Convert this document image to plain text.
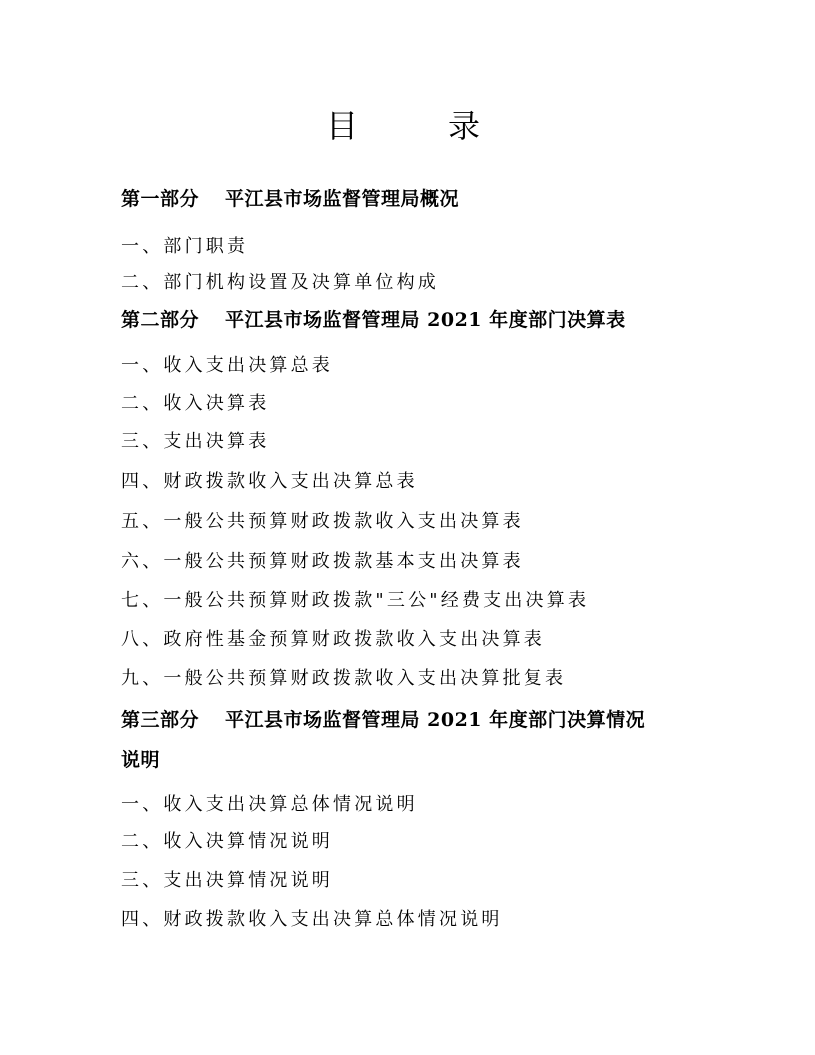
目	录
第一部分 平江县市场监督管理局概况
一、部门职责
二、部门机构设置及决算单位构成
第二部分 平江县市场监督管理局 2021 年度部门决算表
一、收入支出决算总表
二、收入决算表
三、支出决算表
四、财政拨款收入支出决算总表
五、一般公共预算财政拨款收入支出决算表
六、一般公共预算财政拨款基本支出决算表
七、一般公共预算财政拨款"三公"经费支出决算表
八、政府性基金预算财政拨款收入支出决算表
九、一般公共预算财政拨款收入支出决算批复表
第三部分 平江县市场监督管理局 2021 年度部门决算情况
说明
一、收入支出决算总体情况说明
二、收入决算情况说明
三、支出决算情况说明
四、财政拨款收入支出决算总体情况说明
